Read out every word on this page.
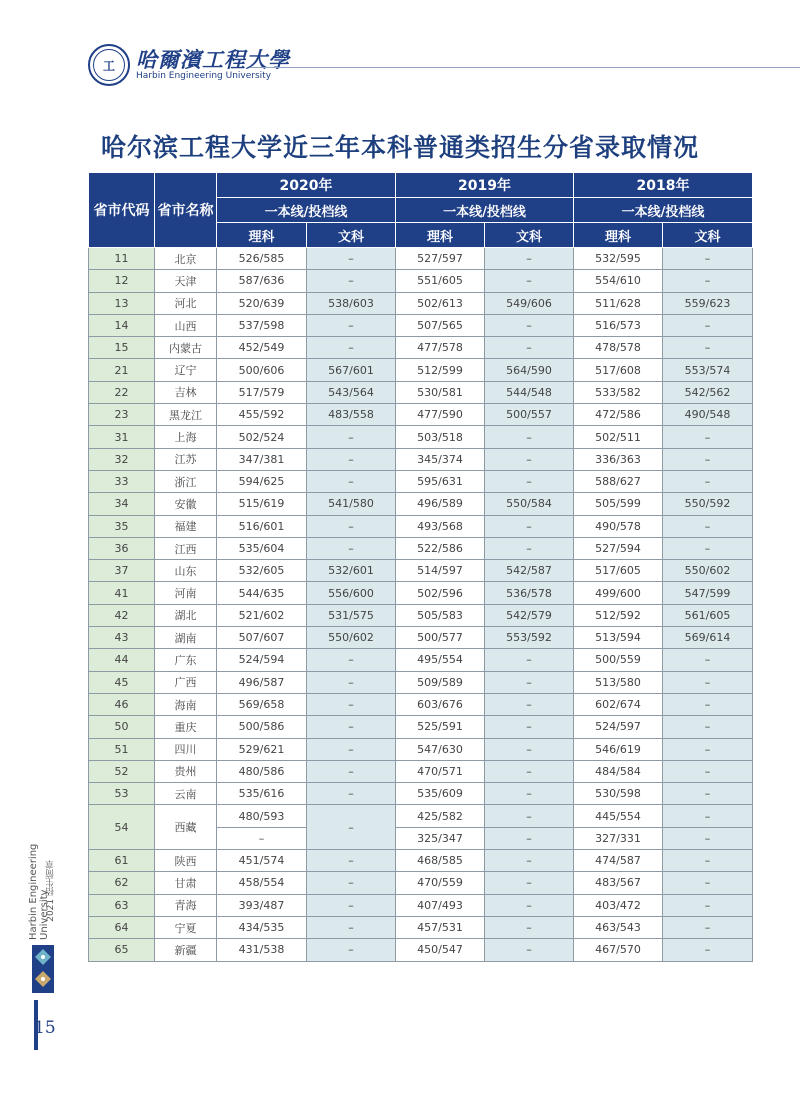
工	哈爾濱工程大學
Harbin Engineering University
哈尔滨工程大学近三年本科普通类招生分省录取情况
省市代码	省市名称	2020年		2019年		2018年	
		一本线/投档线		一本线/投档线		一本线/投档线	
		理科	文科	理科	文科	理科	文科
11	北京	526/585	–	527/597	–	532/595	–
12	天津	587/636	–	551/605	–	554/610	–
13	河北	520/639	538/603	502/613	549/606	511/628	559/623
14	山西	537/598	–	507/565	–	516/573	–
15	内蒙古	452/549	–	477/578	–	478/578	–
21	辽宁	500/606	567/601	512/599	564/590	517/608	553/574
22	吉林	517/579	543/564	530/581	544/548	533/582	542/562
23	黑龙江	455/592	483/558	477/590	500/557	472/586	490/548
31	上海	502/524	–	503/518	–	502/511	–
32	江苏	347/381	–	345/374	–	336/363	–
33	浙江	594/625	–	595/631	–	588/627	–
34	安徽	515/619	541/580	496/589	550/584	505/599	550/592
35	福建	516/601	–	493/568	–	490/578	–
36	江西	535/604	–	522/586	–	527/594	–
37	山东	532/605	532/601	514/597	542/587	517/605	550/602
41	河南	544/635	556/600	502/596	536/578	499/600	547/599
42	湖北	521/602	531/575	505/583	542/579	512/592	561/605
43	湖南	507/607	550/602	500/577	553/592	513/594	569/614
44	广东	524/594	–	495/554	–	500/559	–
45	广西	496/587	–	509/589	–	513/580	–
46	海南	569/658	–	603/676	–	602/674	–
50	重庆	500/586	–	525/591	–	524/597	–
51	四川	529/621	–	547/630	–	546/619	–
52	贵州	480/586	–	470/571	–	484/584	–
53	云南	535/616	–	535/609	–	530/598	–
54	西藏	480/593	–	425/582	–	445/554	–
		–		325/347	–	327/331	–
61	陕西	451/574	–	468/585	–	474/587	–
62	甘肃	458/554	–	470/559	–	483/567	–
63	青海	393/487	–	407/493	–	403/472	–
64	宁夏	434/535	–	457/531	–	463/543	–
65	新疆	431/538	–	450/547	–	467/570	–
Harbin Engineering University
2021 招生简章
15
